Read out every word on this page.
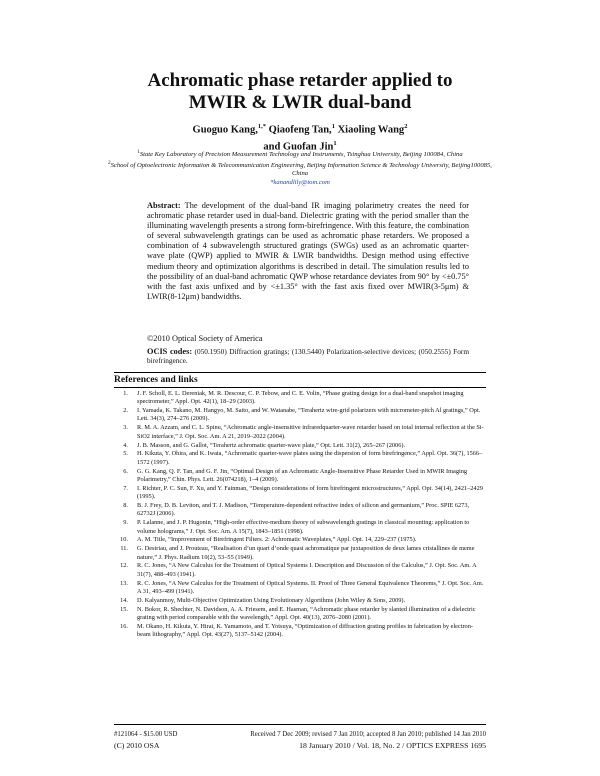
Achromatic phase retarder applied to
MWIR & LWIR dual-band
Guoguo Kang,$^{1,*}$ Qiaofeng Tan,$^1$ Xiaoling Wang$^2$
and Guofan Jin$^1$
$^1$State Key Laboratory of Precision Measurement Technology and Instruments, Tsinghua University, Beijing 100084, China
$^2$School of Optoelectronic Information & Telecommunication Engineering, Beijing Information Science & Technology University, Beijing100085, China
*kanandlily@tom.com
Abstract: The development of the dual-band IR imaging polarimetry creates the need for achromatic phase retarder used in dual-band. Dielectric grating with the period smaller than the illuminating wavelength presents a strong form-birefringence. With this feature, the combination of several subwavelength gratings can be used as achromatic phase retarders. We proposed a combination of 4 subwavelength structured gratings (SWGs) used as an achromatic quarter-wave plate (QWP) applied to MWIR & LWIR bandwidths. Design method using effective medium theory and optimization algorithms is described in detail. The simulation results led to the possibility of an dual-band achromatic QWP whose retardance deviates from 90° by <±0.75° with the fast axis unfixed and by <±1.35° with the fast axis fixed over MWIR(3-5μm) & LWIR(8-12μm) bandwidths.
©2010 Optical Society of America
OCIS codes: (050.1950) Diffraction gratings; (130.5440) Polarization-selective devices; (050.2555) Form birefringence.
References and links
1. J. F. Scholl, E. L. Dereniak, M. R. Descour, C. P. Tebow, and C. E. Volin, “Phase grating design for a dual-band snapshot imaging spectrometer,” Appl. Opt. 42(1), 18–29 (2003).
2. I. Yamada, K. Takano, M. Hangyo, M. Saito, and W. Watanabe, “Terahertz wire-grid polarizers with micrometer-pitch Al gratings,” Opt. Lett. 34(3), 274–276 (2009).
3. R. M. A. Azzam, and C. L. Spinu, “Achromatic angle-insensitive infraredquarter-wave retarder based on total internal reflection at the Si-SiO2 interface,” J. Opt. Soc. Am. A 21, 2019–2022 (2004).
4. J. B. Masson, and G. Gallot, “Terahertz achromatic quarter-wave plate,” Opt. Lett. 31(2), 265–267 (2006).
5. H. Kikuta, Y. Ohira, and K. Iwata, “Achromatic quarter-wave plates using the dispersion of form birefringence,” Appl. Opt. 36(7), 1566–1572 (1997).
6. G. G. Kang, Q. F. Tan, and G. F. Jin, “Optimal Design of an Achromatic Angle-Insensitive Phase Retarder Used in MWIR Imaging Polarimetry,” Chin. Phys. Lett. 26(074218), 1–4 (2009).
7. I. Richter, P. C. Sun, F. Xu, and Y. Fainman, “Design considerations of form birefringent microstructures,” Appl. Opt. 34(14), 2421–2429 (1995).
8. B. J. Frey, D. B. Leviton, and T. J. Madison, “Temperature-dependent refractive index of silicon and germanium,” Proc. SPIE 6273, 62732J (2006).
9. P. Lalanne, and J. P. Hugonin, “High-order effective-medium theory of subwavelength gratings in classical mounting: application to volume holograms,” J. Opt. Soc. Am. A 15(7), 1843–1851 (1998).
10. A. M. Title, “Improvement of Birefringent Filters. 2: Achromatic Waveplates,” Appl. Opt. 14, 229–237 (1975).
11. G. Destriau, and J. Prouteau, “Realisation d’un quart d’onde quasi achromatique par juxtaposition de deux lames cristallines de meme nature,” J. Phys. Radium 10(2), 53–55 (1949).
12. R. C. Jones, “A New Calculus for the Treatment of Optical Systems I. Description and Discussion of the Calculus,” J. Opt. Soc. Am. A 31(7), 488–493 (1941).
13. R. C. Jones, “A New Calculus for the Treatment of Optical Systems. II. Proof of Three General Equivalence Theorems,” J. Opt. Soc. Am. A 31, 493–499 (1941).
14. D. Kalyanmoy, Multi-Objective Optimization Using Evolutionary Algorithms (John Wiley & Sons, 2009).
15. N. Bokor, R. Shechter, N. Davidson, A. A. Friesem, and E. Hasman, “Achromatic phase retarder by slanted illumination of a dielectric grating with period comparable with the wavelength,” Appl. Opt. 40(13), 2076–2080 (2001).
16. M. Okano, H. Kikuta, Y. Hirai, K. Yamamoto, and T. Yotsuya, “Optimization of diffraction grating profiles in fabrication by electron-beam lithography,” Appl. Opt. 43(27), 5137–5142 (2004).
#121064 - $15.00 USD	Received 7 Dec 2009; revised 7 Jan 2010; accepted 8 Jan 2010; published 14 Jan 2010
(C) 2010 OSA	18 January 2010 / Vol. 18, No. 2 / OPTICS EXPRESS 1695
